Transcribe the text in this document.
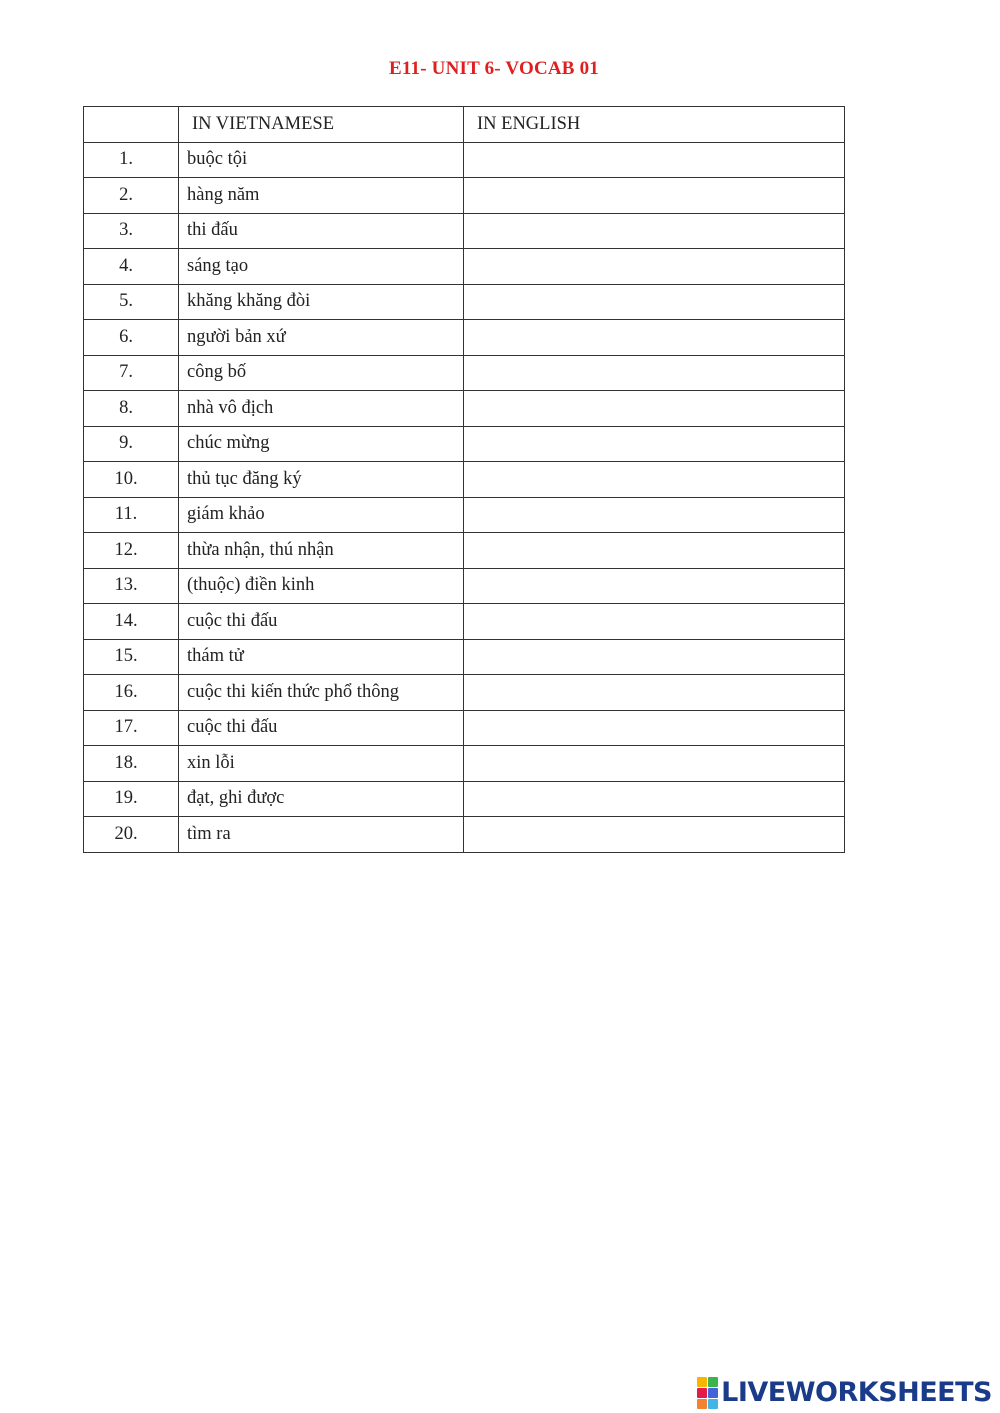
E11- UNIT 6- VOCAB 01
	IN VIETNAMESE	IN ENGLISH
1.	buộc tội	
2.	hàng năm	
3.	thi đấu	
4.	sáng tạo	
5.	khăng khăng đòi	
6.	người bản xứ	
7.	công bố	
8.	nhà vô địch	
9.	chúc mừng	
10.	thủ tục đăng ký	
11.	giám khảo	
12.	thừa nhận, thú nhận	
13.	(thuộc) điền kinh	
14.	cuộc thi đấu	
15.	thám tử	
16.	cuộc thi kiến thức phổ thông	
17.	cuộc thi đấu	
18.	xin lỗi	
19.	đạt, ghi được	
20.	tìm ra	
LIVEWORKSHEETS
